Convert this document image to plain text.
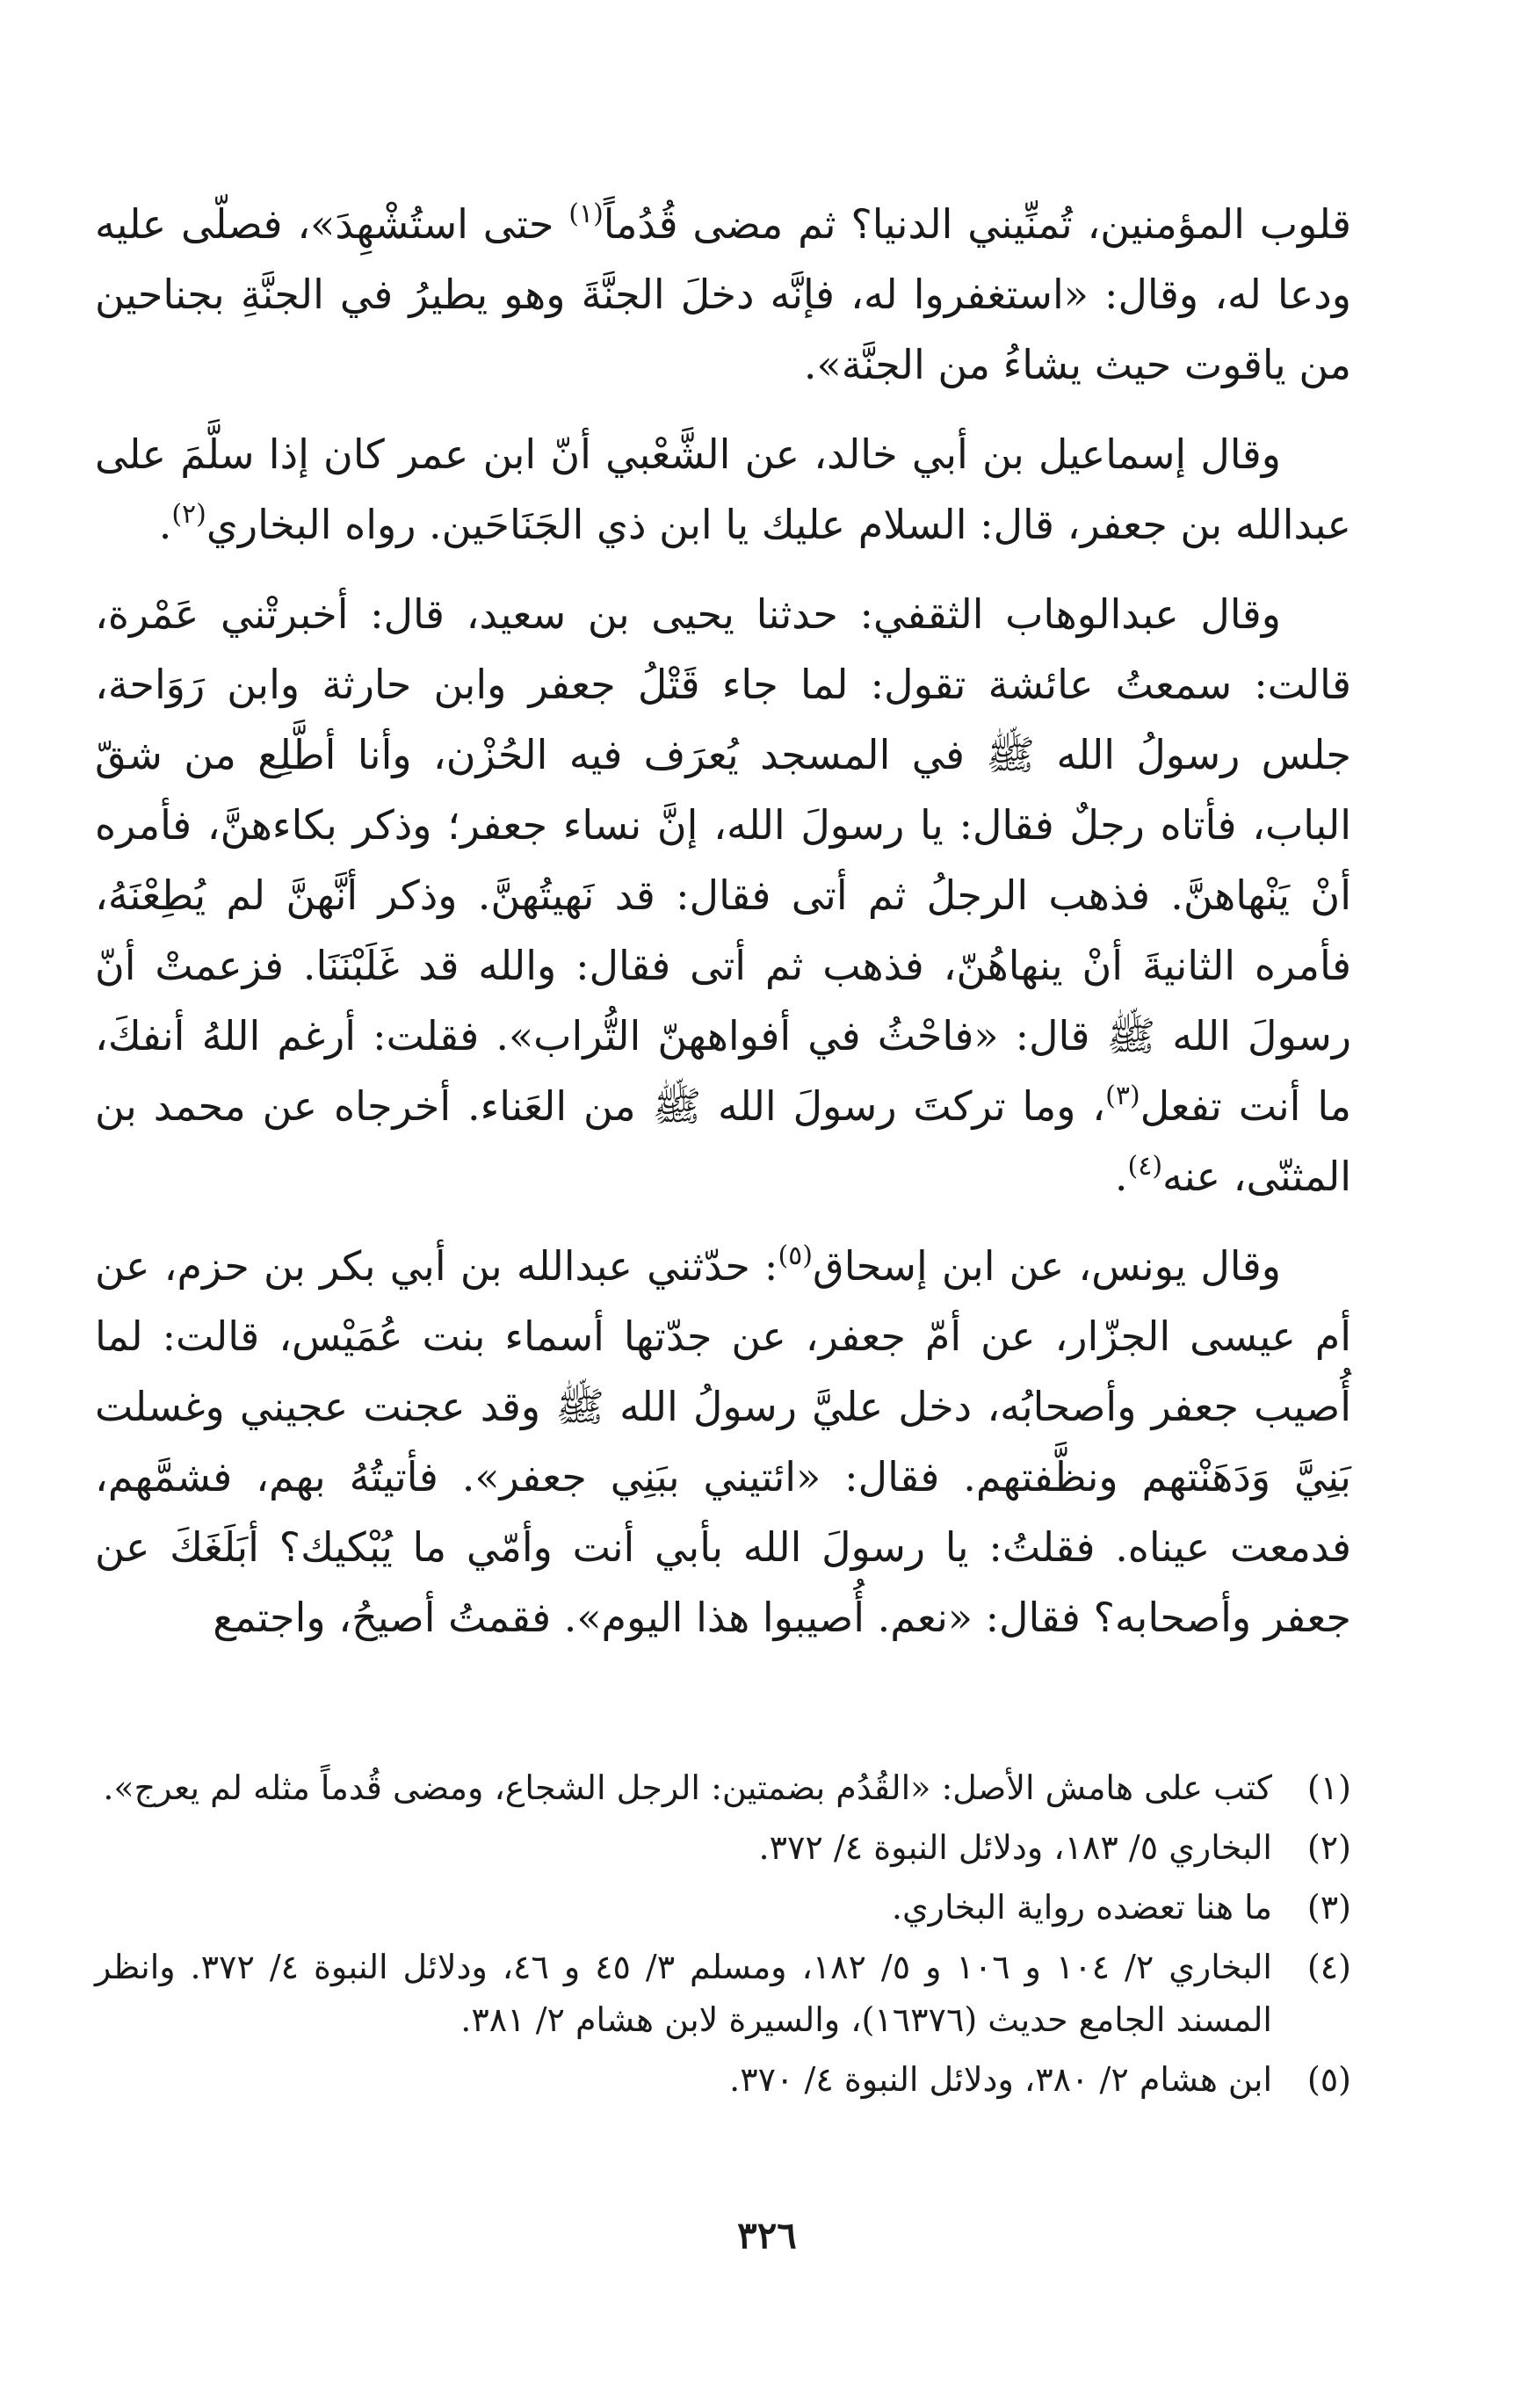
قلوب المؤمنين، تُمنِّيني الدنيا؟ ثم مضى قُدُماً$^{(١)}$ حتى استُشْهِدَ»، فصلّى عليه ودعا له، وقال: «استغفروا له، فإنَّه دخلَ الجنَّةَ وهو يطيرُ في الجنَّةِ بجناحين من ياقوت حيث يشاءُ من الجنَّة».

وقال إسماعيل بن أبي خالد، عن الشَّعْبي أنّ ابن عمر كان إذا سلَّمَ على عبدالله بن جعفر، قال: السلام عليك يا ابن ذي الجَنَاحَين. رواه البخاري$^{(٢)}$.

وقال عبدالوهاب الثقفي: حدثنا يحيى بن سعيد، قال: أخبرتْني عَمْرة، قالت: سمعتُ عائشة تقول: لما جاء قَتْلُ جعفر وابن حارثة وابن رَوَاحة، جلس رسولُ الله ﷺ في المسجد يُعرَف فيه الحُزْن، وأنا أطَّلِع من شقّ الباب، فأتاه رجلٌ فقال: يا رسولَ الله، إنَّ نساء جعفر؛ وذكر بكاءهنَّ، فأمره أنْ يَنْهاهنَّ. فذهب الرجلُ ثم أتى فقال: قد نَهيتُهنَّ. وذكر أنَّهنَّ لم يُطِعْنَهُ، فأمره الثانيةَ أنْ ينهاهُنّ، فذهب ثم أتى فقال: والله قد غَلَبْنَنَا. فزعمتْ أنّ رسولَ الله ﷺ قال: «فاحْثُ في أفواههنّ التُّراب». فقلت: أرغم اللهُ أنفكَ، ما أنت تفعل$^{(٣)}$، وما تركتَ رسولَ الله ﷺ من العَناء. أخرجاه عن محمد بن المثنّى، عنه$^{(٤)}$.

وقال يونس، عن ابن إسحاق$^{(٥)}$: حدّثني عبدالله بن أبي بكر بن حزم، عن أم عيسى الجزّار، عن أمّ جعفر، عن جدّتها أسماء بنت عُمَيْس، قالت: لما أُصيب جعفر وأصحابُه، دخل عليَّ رسولُ الله ﷺ وقد عجنت عجيني وغسلت بَنِيَّ وَدَهَنْتهم ونظَّفتهم. فقال: «ائتيني ببَنِي جعفر». فأتيتُهُ بهم، فشمَّهم، فدمعت عيناه. فقلتُ: يا رسولَ الله بأبي أنت وأمّي ما يُبْكيك؟ أبَلَغَكَ عن جعفر وأصحابه؟ فقال: «نعم. أُصيبوا هذا اليوم». فقمتُ أصيحُ، واجتمع

(١)
كتب على هامش الأصل: «القُدُم بضمتين: الرجل الشجاع، ومضى قُدماً مثله لم يعرج».
(٢)
البخاري ٥/ ١٨٣، ودلائل النبوة ٤/ ٣٧٢.
(٣)
ما هنا تعضده رواية البخاري.
(٤)
البخاري ٢/ ١٠٤ و ١٠٦ و ٥/ ١٨٢، ومسلم ٣/ ٤٥ و ٤٦، ودلائل النبوة ٤/ ٣٧٢. وانظر المسند الجامع حديث (١٦٣٧٦)، والسيرة لابن هشام ٢/ ٣٨١.
(٥)
ابن هشام ٢/ ٣٨٠، ودلائل النبوة ٤/ ٣٧٠.
٣٢٦
